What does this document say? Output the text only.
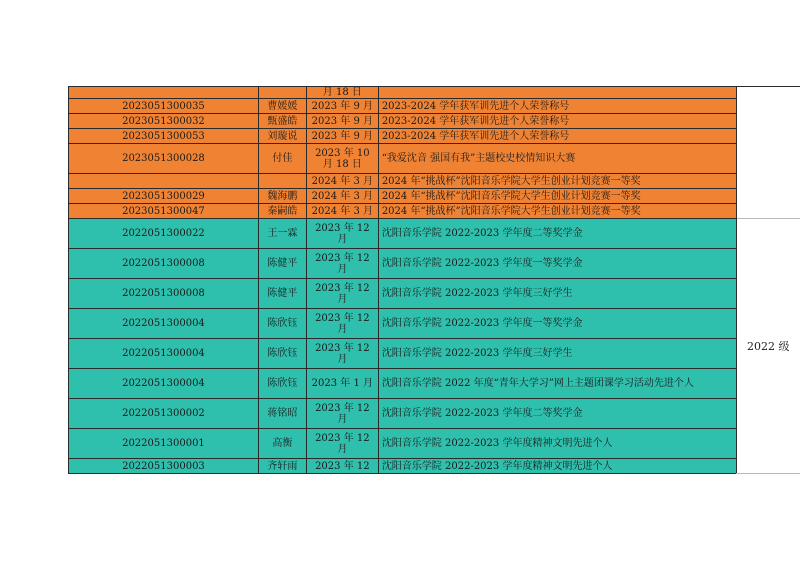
		月 18 日		
2023051300035	曹媛媛	2023 年 9 月	2023-2024 学年获军训先进个人荣誉称号	
2023051300032	甄盛皓	2023 年 9 月	2023-2024 学年获军训先进个人荣誉称号	
2023051300053	刘璇说	2023 年 9 月	2023-2024 学年获军训先进个人荣誉称号	
2023051300028	付佳	2023 年 10 月 18 日	“我爱沈音 强国有我”主题校史校情知识大赛	
		2024 年 3 月	2024 年“挑战杯”沈阳音乐学院大学生创业计划竞赛一等奖	
2023051300029	魏海鹏	2024 年 3 月	2024 年“挑战杯”沈阳音乐学院大学生创业计划竞赛一等奖	
2023051300047	秦嗣皓	2024 年 3 月	2024 年“挑战杯”沈阳音乐学院大学生创业计划竞赛一等奖	
2022051300022	王一霖	2023 年 12 月	沈阳音乐学院 2022-2023 学年度二等奖学金	2022 级
2022051300008	陈健平	2023 年 12 月	沈阳音乐学院 2022-2023 学年度一等奖学金	
2022051300008	陈健平	2023 年 12 月	沈阳音乐学院 2022-2023 学年度三好学生	
2022051300004	陈欣钰	2023 年 12 月	沈阳音乐学院 2022-2023 学年度一等奖学金	
2022051300004	陈欣钰	2023 年 12 月	沈阳音乐学院 2022-2023 学年度三好学生	
2022051300004	陈欣钰	2023 年 1 月	沈阳音乐学院 2022 年度“青年大学习”网上主题团课学习活动先进个人	
2022051300002	蒋铭昭	2023 年 12 月	沈阳音乐学院 2022-2023 学年度二等奖学金	
2022051300001	高衡	2023 年 12 月	沈阳音乐学院 2022-2023 学年度精神文明先进个人	
2022051300003	齐轩雨	2023 年 12	沈阳音乐学院 2022-2023 学年度精神文明先进个人	
